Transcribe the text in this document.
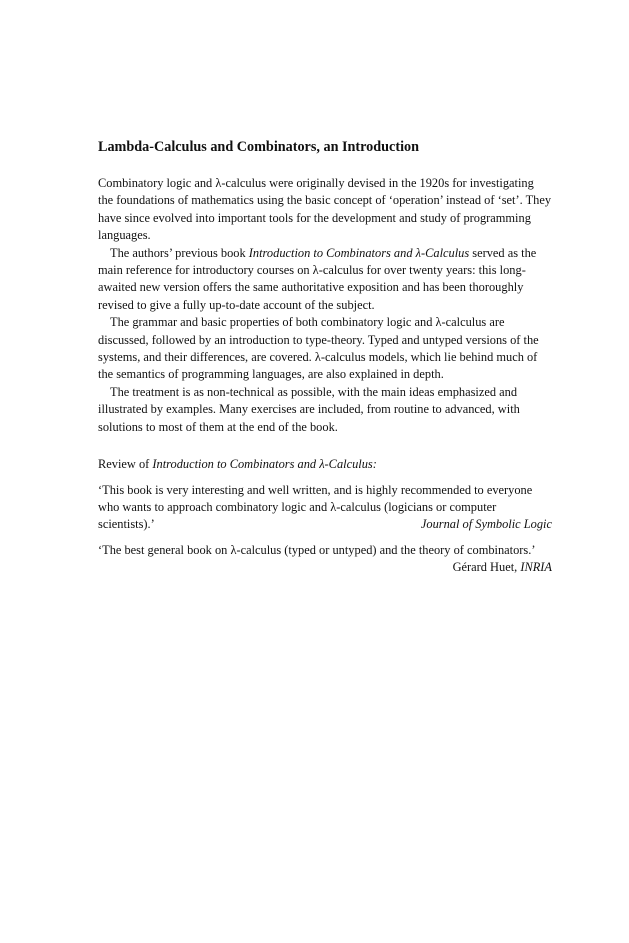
Lambda-Calculus and Combinators, an Introduction

Combinatory logic and λ-calculus were originally devised in the 1920s for investigating the foundations of mathematics using the basic concept of ‘operation’ instead of ‘set’. They have since evolved into important tools for the development and study of programming languages.

The authors’ previous book Introduction to Combinators and λ-Calculus served as the main reference for introductory courses on λ-calculus for over twenty years: this long-awaited new version offers the same authoritative exposition and has been thoroughly revised to give a fully up-to-date account of the subject.

The grammar and basic properties of both combinatory logic and λ-calculus are discussed, followed by an introduction to type-theory. Typed and untyped versions of the systems, and their differences, are covered. λ-calculus models, which lie behind much of the semantics of programming languages, are also explained in depth.

The treatment is as non-technical as possible, with the main ideas emphasized and illustrated by examples. Many exercises are included, from routine to advanced, with solutions to most of them at the end of the book.

Review of Introduction to Combinators and λ-Calculus:
‘This book is very interesting and well written, and is highly recommended to everyone who wants to approach combinatory logic and λ-calculus (logicians or computer scientists).’	Journal of Symbolic Logic
‘The best general book on λ-calculus (typed or untyped) and the theory of combinators.’
Gérard Huet, INRIA
